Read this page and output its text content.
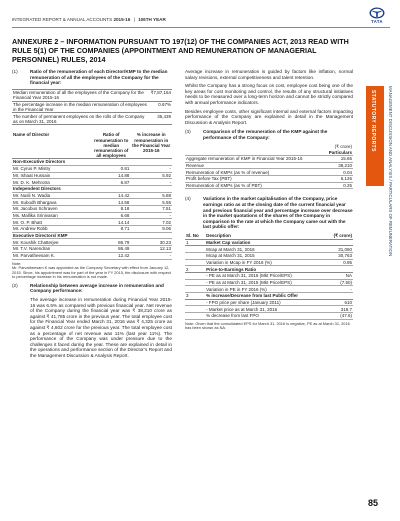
INTEGRATED REPORT & ANNUAL ACCOUNTS 2015-16 | 106TH YEAR	TATA
ANNEXURE 2 – INFORMATION PURSUANT TO 197(12) OF THE COMPANIES ACT, 2013 READ WITH RULE 5(1) OF THE COMPANIES (APPOINTMENT AND REMUNERATION OF MANAGERIAL PERSONNEL) RULES, 2014
(1)	Ratio of the remuneration of each Director/KMP to the median remuneration of all the employees of the Company for the financial year:
Median remuneration of all the employees of the Company for the Financial Year 2015-16	₹7,87,164
The percentage increase in the median remuneration of employees in the Financial Year	0.67%
The number of permanent employees on the rolls of the Company as on March 31, 2016	35,439
Name of Director	Ratio of remuneration to median remuneration of all employees	% increase in remuneration in the Financial Year 2015-16
Non-Executive Directors		
Mr. Cyrus P. Mistry	0.81	-
Mr. Ishaat Hussain	14.88	5.92
Mr. D. K. Mehrotra	6.87	-
Independent Directors		
Mr. Nusli N. Wadia	14.42	5.88
Mr. Subodh Bhargava	14.58	5.55
Mr. Jacobus Schraven	8.18	7.51
Ms. Mallika Srinivasan	6.68	-
Mr. O. P. Bhatt	14.14	7.02
Mr. Andrew Robb	8.71	9.06
Executive Directors/ KMP		
Mr. Koushik Chatterjee	86.79	30.23
Mr. T.V. Narendran	86.49	12.13
Mr. Parvatheesam K.	12.42	-
Note:
Mr. Parvatheesam K was appointed as the Company Secretary with effect from January 12, 2015. Since, his appointment was for part of the year in FY 2015, the disclosure with respect to percentage increase in his remuneration is not made.
(2)	Relationship between average increase in remuneration and Company performance:

The average increase in remuneration during Financial Year 2015-16 was 6.5% as compared with previous financial year. Net revenue of the Company during the financial year was ₹ 38,210 crore as against ₹ 41,785 crore in the previous year. The total employee cost for the Financial Year ended March 31, 2016 was ₹ 4,325 crore as against ₹ 4,602 crore for the previous year. The total employee cost as a percentage of net revenue was 11% (last year 11%). The performance of the Company was under pressure due to the challenges it faced during the year. These are explained in detail in the operations and performance section of the Director’s Report and the Management Discussion & Analysis Report.

Average increase in remuneration is guided by factors like inflation, normal salary revisions, external competitiveness and talent retention.

Whilst the Company has a strong focus on cost, employee cost being one of the key areas for cost monitoring and control, the results of any structural initiatives needs to be measured over a long-term horizon and cannot be strictly compared with annual performance indicators.

Besides employee costs, other significant internal and external factors impacting performance of the Company are explained in detail in the Management Discussion & Analysis Report.

(3)	Comparison of the remuneration of the KMP against the performance of the Company:
(₹ crore)	
Particulars	
Aggregate remuneration of KMP in Financial Year 2015-16	15.65
Revenue	38,210
Remuneration of KMPs (as % of revenue)	0.04
Profit before Tax (PBT)	6,126
Remuneration of KMPs (as % of PBT)	0.25
(4)	Variations in the market capitalisation of the Company, price earnings ratio as at the closing date of the current financial year and previous financial year and percentage increase over decrease in the market quotations of the shares of the Company in comparison to the rate at which the Company came out with the last public offer:
Sl. No	Description	(₹ crore)
1	Market Cap variation	
	Mcap at March 31, 2016	31,060
	Mcap at March 31, 2015	30,763
	Variation in Mcap in FY 2016 (%)	0.95
2	Price-to-Earnings Ratio	
	- PE as at March 31, 2016 (Mkt Price/EPS)	NA
	- PE as at March 31, 2015 (Mkt Price/EPS)	(7.50)
	Variation in PE in FY 2016 (%)	-
3	% increase/Decrease from last Public Offer	
	- FPO price per share (January 2011)	610
	- Market price as at March 31, 2016	319.7
	% decrease from last FPO	(47.6)
Note: Given that the consolidated EPS for March 31, 2016 is negative, PE as at March 31, 2016 has been shown as NA.
STATUTORY REPORTS	MANAGEMENT DISCUSSION AND ANALYSIS / PARTICULARS OF REMUNERATION
85
